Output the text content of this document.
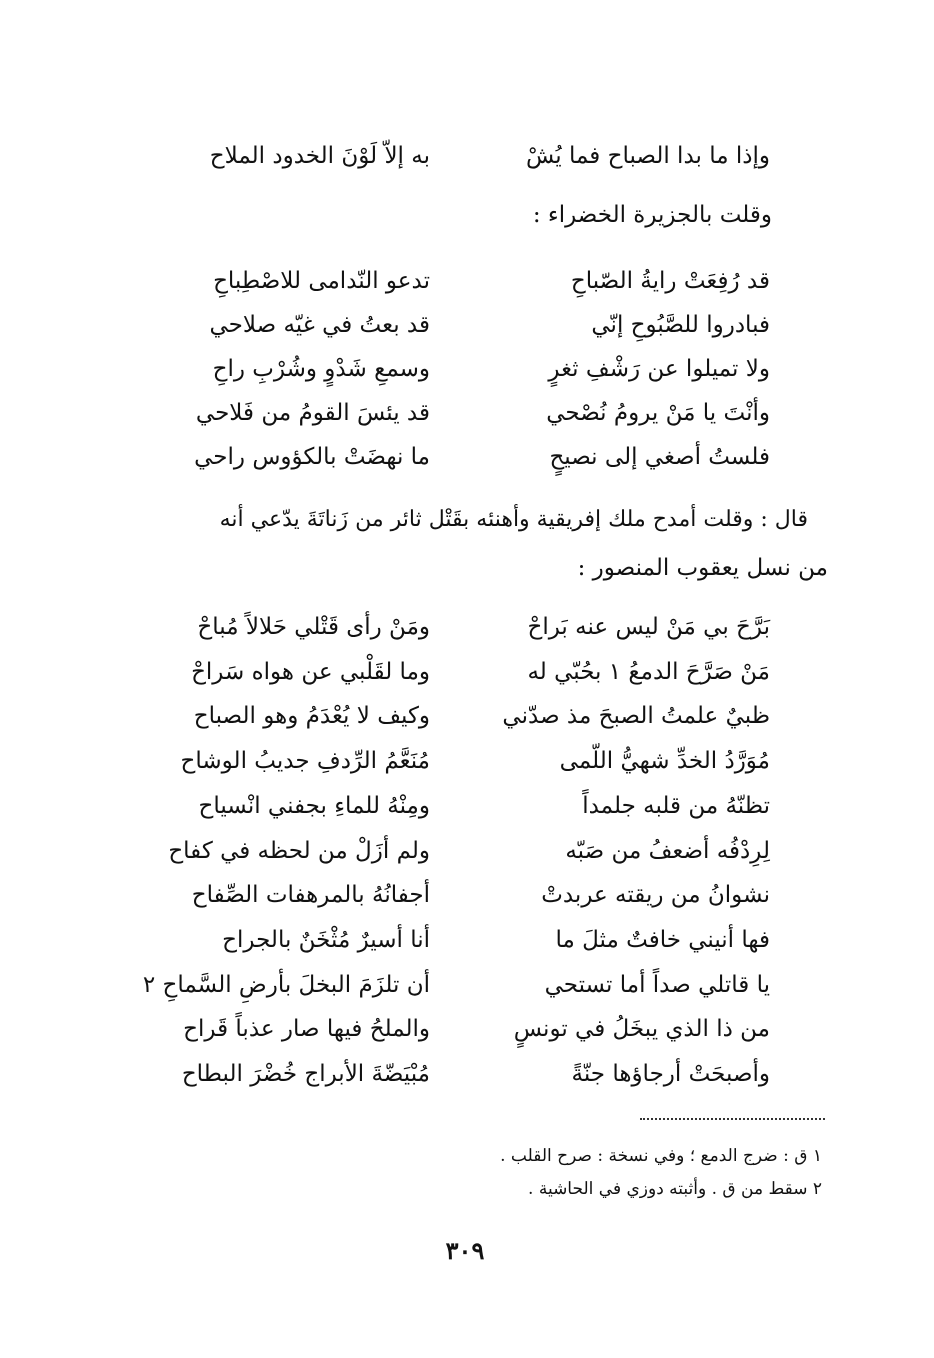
وإذا ما بدا الصباح فما يُشْ
به إلاّ لَوْنَ الخدود الملاح
وقلت بالجزيرة الخضراء :
قد رُفِعَتْ رايةُ الصّباحِ
تدعو النّدامى للاصْطِباحِ
فبادروا للصَّبُوحِ إنّي
قد بعتُ في غيّه صلاحي
ولا تميلوا عن رَشْفِ ثغرٍ
وسمعِ شَدْوٍ وشُرْبِ راحِ
وأنْتَ يا مَنْ يرومُ نُصْحي
قد يئسَ القومُ من فَلاحي
فلستُ أصغي إلى نصيحٍ
ما نهضَتْ بالكؤوس راحي
قال : وقلت أمدح ملك إفريقية وأهنئه بقَتْل ثائر من زَناتَةَ يدّعي أنه
من نسل يعقوب المنصور :
بَرَّحَ بي مَنْ ليس عنه بَراحْ
ومَنْ رأى قَتْلي حَلالاً مُباحْ
مَنْ صَرَّحَ الدمعُ ١ بحُبّي له
وما لقَلْبي عن هواه سَراحْ
ظبيٌ علمتُ الصبحَ مذ صدّني
وكيف لا يُعْدَمُ وهو الصباح
مُوَرَّدُ الخدِّ شهيُّ اللّمى
مُنَعَّمُ الرِّدفِ جديبُ الوشاح
تظنّهُ من قلبه جلمداً
ومِنْهُ للماءِ بجفني انْسياح
لِرِدْفُه أضعفُ من صَبّه
ولم أزَلْ من لحظه في كفاح
نشوانُ من ريقته عربدتْ
أجفانُهُ بالمرهفات الصِّفاح
فها أنيني خافتٌ مثلَ ما
أنا أسيرٌ مُثْخَنٌ بالجراح
يا قاتلي صداً أما تستحي
أن تلزَمَ البخلَ بأرضِ السَّماحِ ٢
من ذا الذي يبخَلُ في تونسٍ
والملحُ فيها صار عذباً قَراح
وأصبحَتْ أرجاؤها جنّةً
مُبْيَضّةَ الأبراج خُضْرَ البطاح
١ ق : ضرج الدمع ؛ وفي نسخة : صرح القلب .
٢ سقط من ق . وأثبته دوزي في الحاشية .
٣٠٩
